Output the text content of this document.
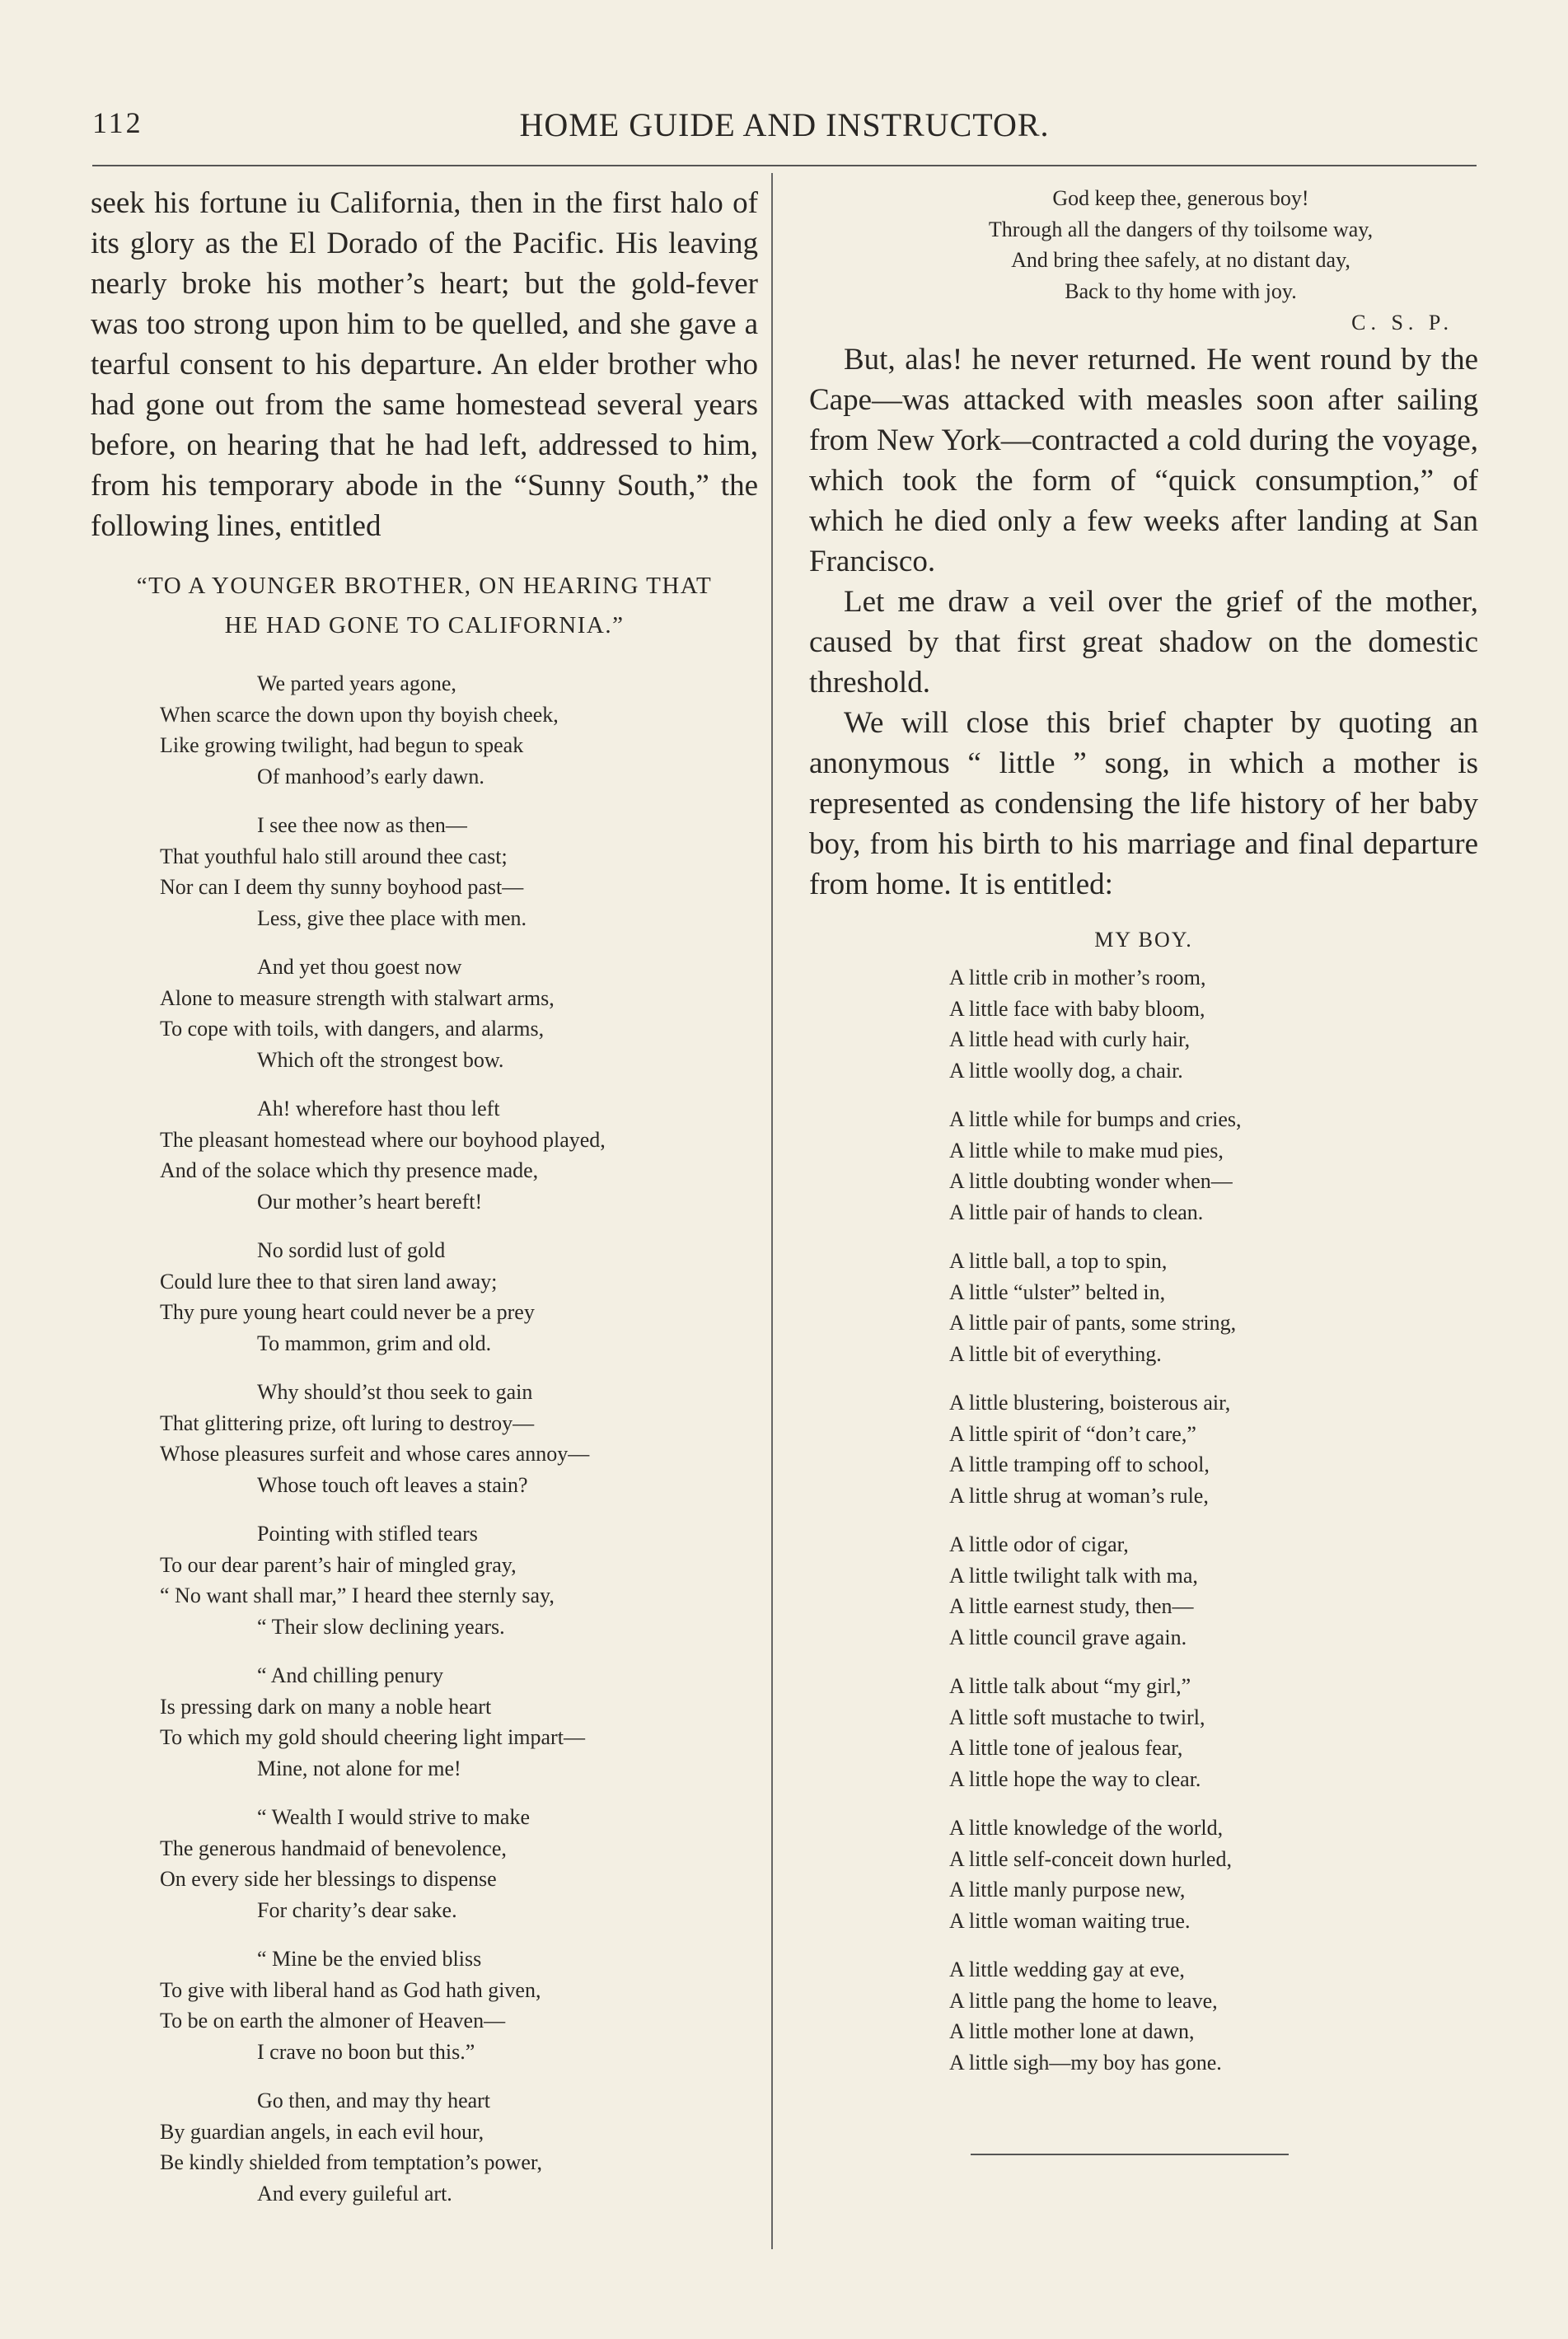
112	HOME GUIDE AND INSTRUCTOR.

seek his fortune iu California, then in the first halo of its glory as the El Dorado of the Pacific. His leaving nearly broke his mother’s heart; but the gold-fever was too strong upon him to be quelled, and she gave a tearful consent to his departure. An elder brother who had gone out from the same homestead several years before, on hearing that he had left, addressed to him, from his temporary abode in the “Sunny South,” the following lines, entitled

“TO A YOUNGER BROTHER, ON HEARING THAT

HE HAD GONE TO CALIFORNIA.”

We parted years agone,
When scarce the down upon thy boyish cheek,
Like growing twilight, had begun to speak
Of manhood’s early dawn.
I see thee now as then—
That youthful halo still around thee cast;
Nor can I deem thy sunny boyhood past—
Less, give thee place with men.
And yet thou goest now
Alone to measure strength with stalwart arms,
To cope with toils, with dangers, and alarms,
Which oft the strongest bow.
Ah! wherefore hast thou left
The pleasant homestead where our boyhood played,
And of the solace which thy presence made,
Our mother’s heart bereft!
No sordid lust of gold
Could lure thee to that siren land away;
Thy pure young heart could never be a prey
To mammon, grim and old.
Why should’st thou seek to gain
That glittering prize, oft luring to destroy—
Whose pleasures surfeit and whose cares annoy—
Whose touch oft leaves a stain?
Pointing with stifled tears
To our dear parent’s hair of mingled gray,
“ No want shall mar,” I heard thee sternly say,
“ Their slow declining years.
“ And chilling penury
Is pressing dark on many a noble heart
To which my gold should cheering light impart—
Mine, not alone for me!
“ Wealth I would strive to make
The generous handmaid of benevolence,
On every side her blessings to dispense
For charity’s dear sake.
“ Mine be the envied bliss
To give with liberal hand as God hath given,
To be on earth the almoner of Heaven—
I crave no boon but this.”
Go then, and may thy heart
By guardian angels, in each evil hour,
Be kindly shielded from temptation’s power,
And every guileful art.
God keep thee, generous boy!
Through all the dangers of thy toilsome way,
And bring thee safely, at no distant day,
Back to thy home with joy.

C. S. P.

But, alas! he never returned. He went round by the Cape—was attacked with measles soon after sailing from New York—contracted a cold during the voyage, which took the form of “quick consumption,” of which he died only a few weeks after landing at San Francisco.

Let me draw a veil over the grief of the mother, caused by that first great shadow on the domestic threshold.

We will close this brief chapter by quoting an anonymous “ little ” song, in which a mother is represented as condensing the life history of her baby boy, from his birth to his marriage and final departure from home. It is entitled:

MY BOY.

A little crib in mother’s room,
A little face with baby bloom,
A little head with curly hair,
A little woolly dog, a chair.
A little while for bumps and cries,
A little while to make mud pies,
A little doubting wonder when—
A little pair of hands to clean.
A little ball, a top to spin,
A little “ulster” belted in,
A little pair of pants, some string,
A little bit of everything.
A little blustering, boisterous air,
A little spirit of “don’t care,”
A little tramping off to school,
A little shrug at woman’s rule,
A little odor of cigar,
A little twilight talk with ma,
A little earnest study, then—
A little council grave again.
A little talk about “my girl,”
A little soft mustache to twirl,
A little tone of jealous fear,
A little hope the way to clear.
A little knowledge of the world,
A little self-conceit down hurled,
A little manly purpose new,
A little woman waiting true.
A little wedding gay at eve,
A little pang the home to leave,
A little mother lone at dawn,
A little sigh—my boy has gone.
